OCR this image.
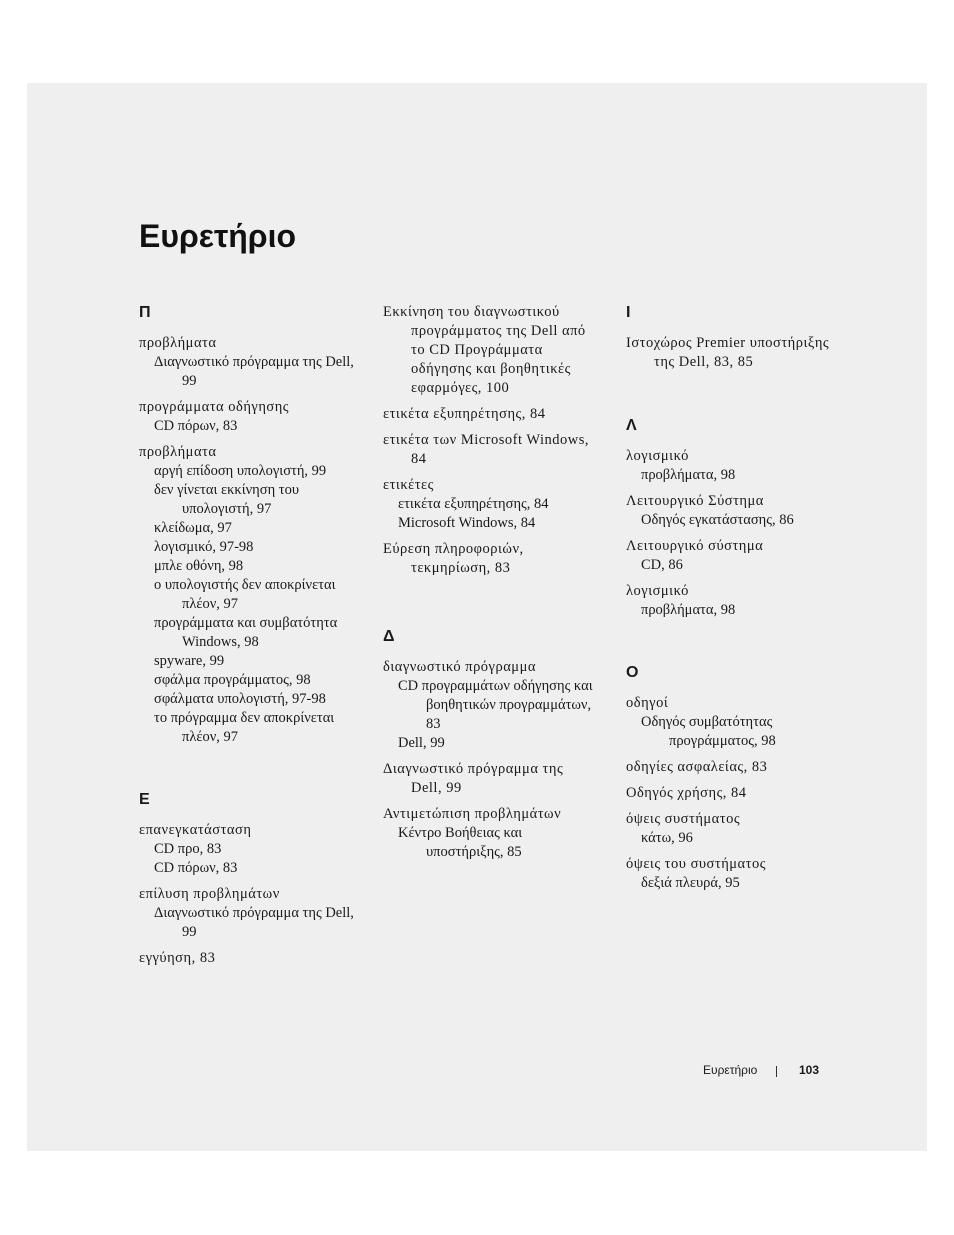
Ευρετήριο
Π
προβλήματα
Διαγνωστικό πρόγραμμα της Dell, 99
προγράμματα οδήγησης
CD πόρων, 83
προβλήματα
αργή επίδοση υπολογιστή, 99
δεν γίνεται εκκίνηση του υπολογιστή, 97
κλείδωμα, 97
λογισμικό, 97-98
μπλε οθόνη, 98
ο υπολογιστής δεν αποκρίνεται πλέον, 97
προγράμματα και συμβατότητα Windows, 98
spyware, 99
σφάλμα προγράμματος, 98
σφάλματα υπολογιστή, 97-98
το πρόγραμμα δεν αποκρίνεται πλέον, 97
Ε
επανεγκατάσταση
CD προ, 83
CD πόρων, 83
επίλυση προβλημάτων
Διαγνωστικό πρόγραμμα της Dell, 99
εγγύηση, 83
Εκκίνηση του διαγνωστικού προγράμματος της Dell από το CD Προγράμματα οδήγησης και βοηθητικές εφαρμόγες, 100
ετικέτα εξυπηρέτησης, 84
ετικέτα των Microsoft Windows, 84
ετικέτες
ετικέτα εξυπηρέτησης, 84
Microsoft Windows, 84
Εύρεση πληροφοριών, τεκμηρίωση, 83
Δ
διαγνωστικό πρόγραμμα
CD προγραμμάτων οδήγησης και βοηθητικών προγραμμάτων, 83
Dell, 99
Διαγνωστικό πρόγραμμα της Dell, 99
Αντιμετώπιση προβλημάτων
Κέντρο Βοήθειας και υποστήριξης, 85
Ι
Ιστοχώρος Premier υποστήριξης της Dell, 83, 85
Λ
λογισμικό
προβλήματα, 98
Λειτουργικό Σύστημα
Οδηγός εγκατάστασης, 86
Λειτουργικό σύστημα
CD, 86
λογισμικό
προβλήματα, 98
Ο
οδηγοί
Οδηγός συμβατότητας προγράμματος, 98
οδηγίες ασφαλείας, 83
Οδηγός χρήσης, 84
όψεις συστήματος
κάτω, 96
όψεις του συστήματος
δεξιά πλευρά, 95
Ευρετήριο	103
